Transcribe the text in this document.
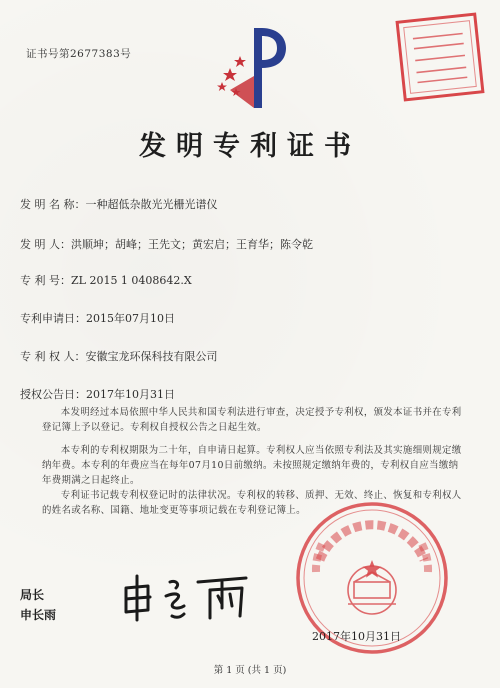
证书号第2677383号
发明专利证书
发 明 名 称：一种超低杂散光光栅光谱仪
发 明 人：洪顺坤；胡峰；王先文；黄宏启；王育华；陈令乾
专 利 号：ZL 2015 1 0408642.X
专利申请日：2015年07月10日
专 利 权 人：安徽宝龙环保科技有限公司
授权公告日：2017年10月31日
本发明经过本局依照中华人民共和国专利法进行审查，决定授予专利权，颁发本证书并在专利登记簿上予以登记。专利权自授权公告之日起生效。
本专利的专利权期限为二十年，自申请日起算。专利权人应当依照专利法及其实施细则规定缴纳年费。本专利的年费应当在每年07月10日前缴纳。未按照规定缴纳年费的，专利权自应当缴纳年费期满之日起终止。
专利证书记载专利权登记时的法律状况。专利权的转移、质押、无效、终止、恢复和专利权人的姓名或名称、国籍、地址变更等事项记载在专利登记簿上。
局长
申长雨
2017年10月31日
第 1 页 (共 1 页)
